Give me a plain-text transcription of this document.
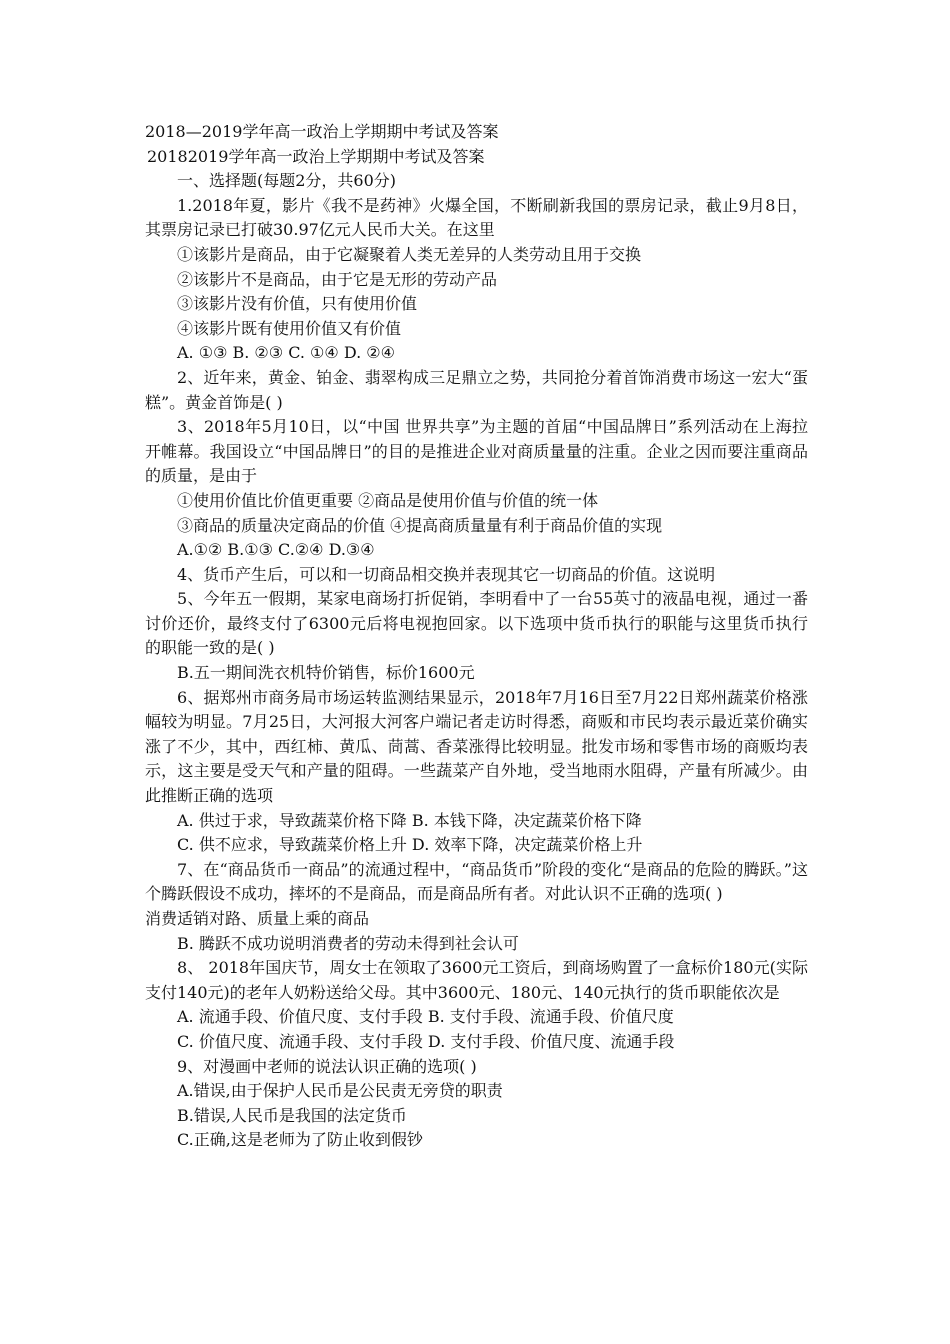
2018—2019学年高一政治上学期期中考试及答案

20182019学年高一政治上学期期中考试及答案

一、选择题(每题2分，共60分)

1.2018年夏，影片《我不是药神》火爆全国，不断刷新我国的票房记录，截止9月8日，其票房记录已打破30.97亿元人民币大关。在这里

①该影片是商品，由于它凝聚着人类无差异的人类劳动且用于交换

②该影片不是商品，由于它是无形的劳动产品

③该影片没有价值，只有使用价值

④该影片既有使用价值又有价值

A. ①③ B. ②③ C. ①④ D. ②④

2、近年来，黄金、铂金、翡翠构成三足鼎立之势，共同抢分着首饰消费市场这一宏大“蛋糕”。黄金首饰是( )

3、2018年5月10日，以“中国 世界共享”为主题的首届“中国品牌日”系列活动在上海拉开帷幕。我国设立“中国品牌日”的目的是推进企业对商质量量的注重。企业之因而要注重商品的质量，是由于

①使用价值比价值更重要 ②商品是使用价值与价值的统一体

③商品的质量决定商品的价值 ④提高商质量量有利于商品价值的实现

A.①② B.①③ C.②④ D.③④

4、货币产生后，可以和一切商品相交换并表现其它一切商品的价值。这说明

5、今年五一假期，某家电商场打折促销，李明看中了一台55英寸的液晶电视，通过一番讨价还价，最终支付了6300元后将电视抱回家。以下选项中货币执行的职能与这里货币执行的职能一致的是( )

B.五一期间洗衣机特价销售，标价1600元

6、据郑州市商务局市场运转监测结果显示，2018年7月16日至7月22日郑州蔬菜价格涨幅较为明显。7月25日，大河报大河客户端记者走访时得悉，商贩和市民均表示最近菜价确实涨了不少，其中，西红柿、黄瓜、茼蒿、香菜涨得比较明显。批发市场和零售市场的商贩均表示，这主要是受天气和产量的阻碍。一些蔬菜产自外地，受当地雨水阻碍，产量有所减少。由此推断正确的选项

A. 供过于求，导致蔬菜价格下降 B. 本钱下降，决定蔬菜价格下降

C. 供不应求，导致蔬菜价格上升 D. 效率下降，决定蔬菜价格上升

7、在“商品货币一商品”的流通过程中，“商品货币”阶段的变化“是商品的危险的腾跃。”这个腾跃假设不成功，摔坏的不是商品，而是商品所有者。对此认识不正确的选项( )

消费适销对路、质量上乘的商品

B. 腾跃不成功说明消费者的劳动未得到社会认可

8、 2018年国庆节，周女士在领取了3600元工资后，到商场购置了一盒标价180元(实际支付140元)的老年人奶粉送给父母。其中3600元、180元、140元执行的货币职能依次是

A. 流通手段、价值尺度、支付手段 B. 支付手段、流通手段、价值尺度

C. 价值尺度、流通手段、支付手段 D. 支付手段、价值尺度、流通手段

9、对漫画中老师的说法认识正确的选项( )

A.错误,由于保护人民币是公民责无旁贷的职责

B.错误,人民币是我国的法定货币

C.正确,这是老师为了防止收到假钞
